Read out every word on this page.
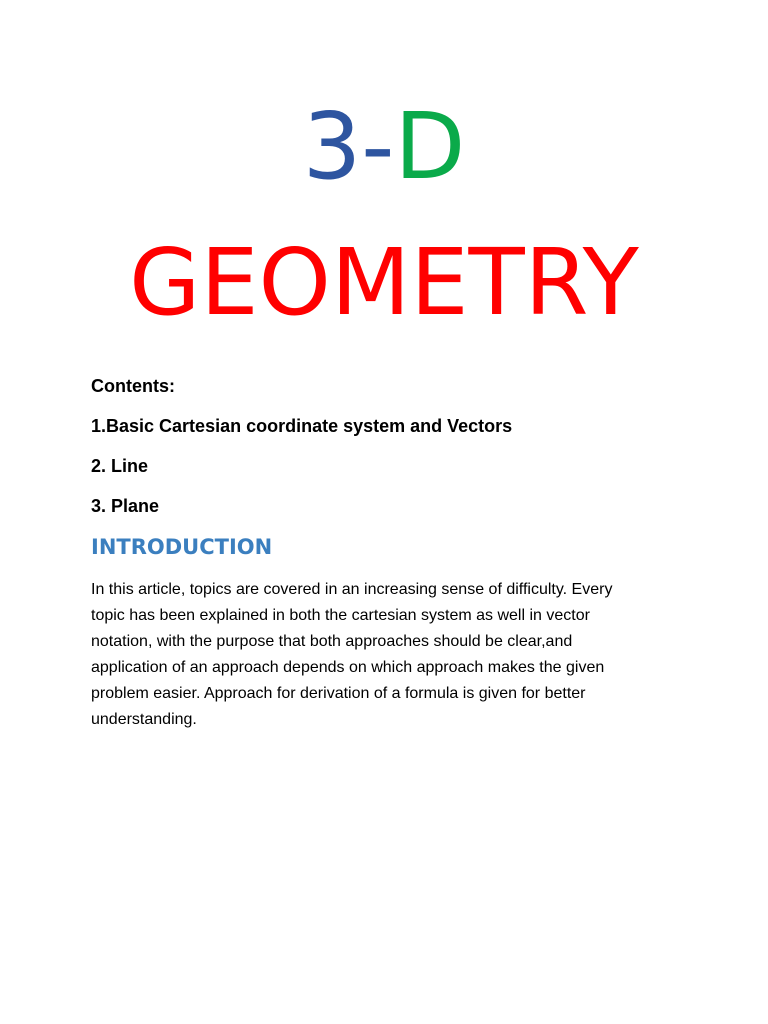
3-D
GEOMETRY
Contents:
1.Basic Cartesian coordinate system and Vectors
2. Line
3. Plane
INTRODUCTION
In this article, topics are covered in an increasing sense of difficulty. Every
topic has been explained in both the cartesian system as well in vector
notation, with the purpose that both approaches should be clear,and
application of an approach depends on which approach makes the given
problem easier. Approach for derivation of a formula is given for better
understanding.
